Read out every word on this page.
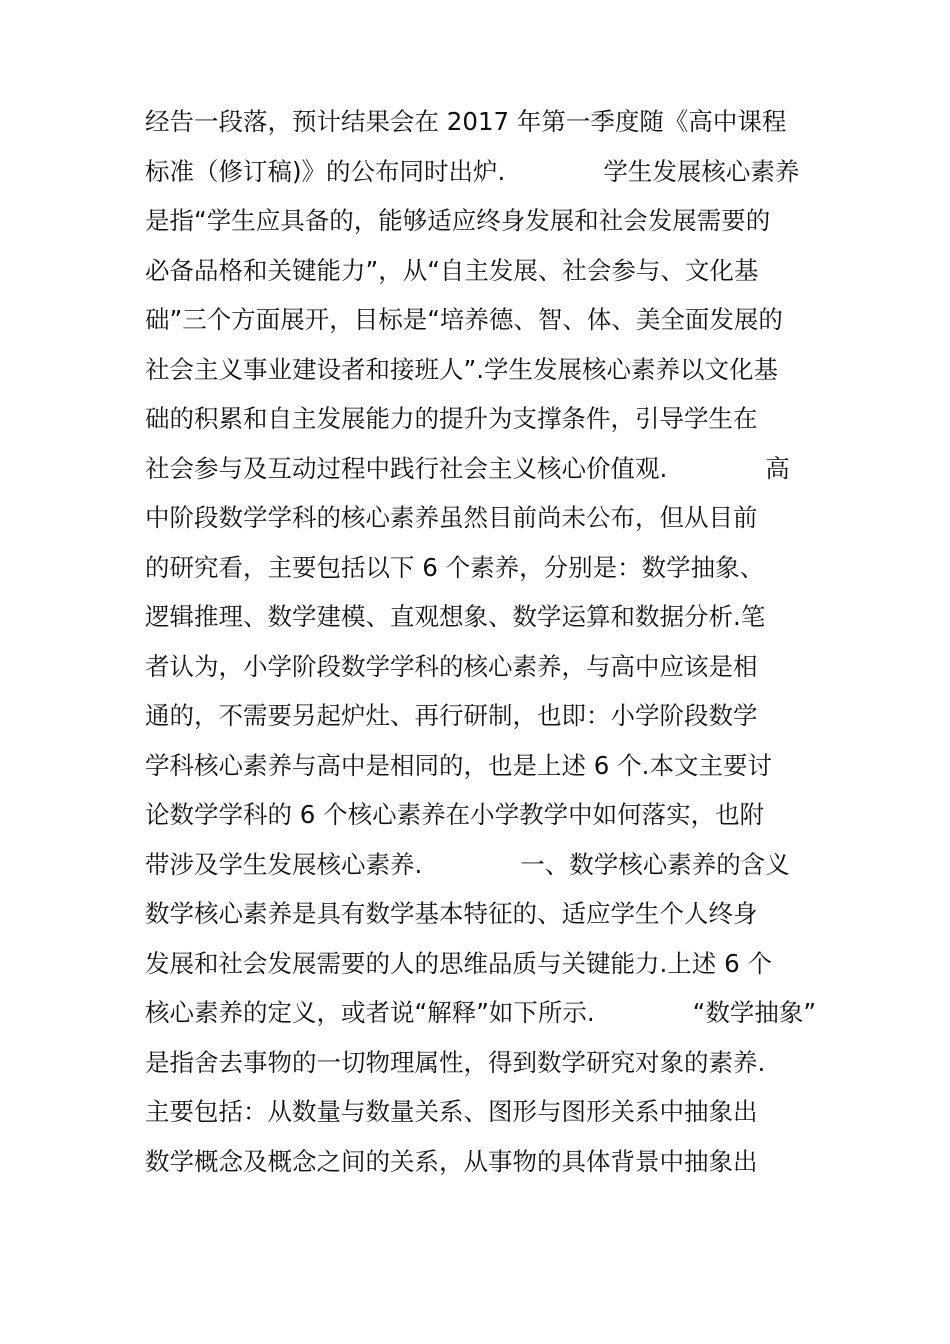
经告一段落，预计结果会在 2017 年第一季度随《高中课程
标准（修订稿)》的公布同时出炉.　　　　学生发展核心素养
是指“学生应具备的，能够适应终身发展和社会发展需要的
必备品格和关键能力”，从“自主发展、社会参与、文化基
础”三个方面展开，目标是“培养德、智、体、美全面发展的
社会主义事业建设者和接班人”.学生发展核心素养以文化基
础的积累和自主发展能力的提升为支撑条件，引导学生在
社会参与及互动过程中践行社会主义核心价值观.　　　　高
中阶段数学学科的核心素养虽然目前尚未公布，但从目前
的研究看，主要包括以下 6 个素养，分别是：数学抽象、
逻辑推理、数学建模、直观想象、数学运算和数据分析.笔
者认为，小学阶段数学学科的核心素养，与高中应该是相
通的，不需要另起炉灶、再行研制，也即：小学阶段数学
学科核心素养与高中是相同的，也是上述 6 个.本文主要讨
论数学学科的 6 个核心素养在小学教学中如何落实，也附
带涉及学生发展核心素养.　　　　一、数学核心素养的含义
数学核心素养是具有数学基本特征的、适应学生个人终身
发展和社会发展需要的人的思维品质与关键能力.上述 6 个
核心素养的定义，或者说“解释”如下所示.　　　　“数学抽象”
是指舍去事物的一切物理属性，得到数学研究对象的素养.
主要包括：从数量与数量关系、图形与图形关系中抽象出
数学概念及概念之间的关系，从事物的具体背景中抽象出
